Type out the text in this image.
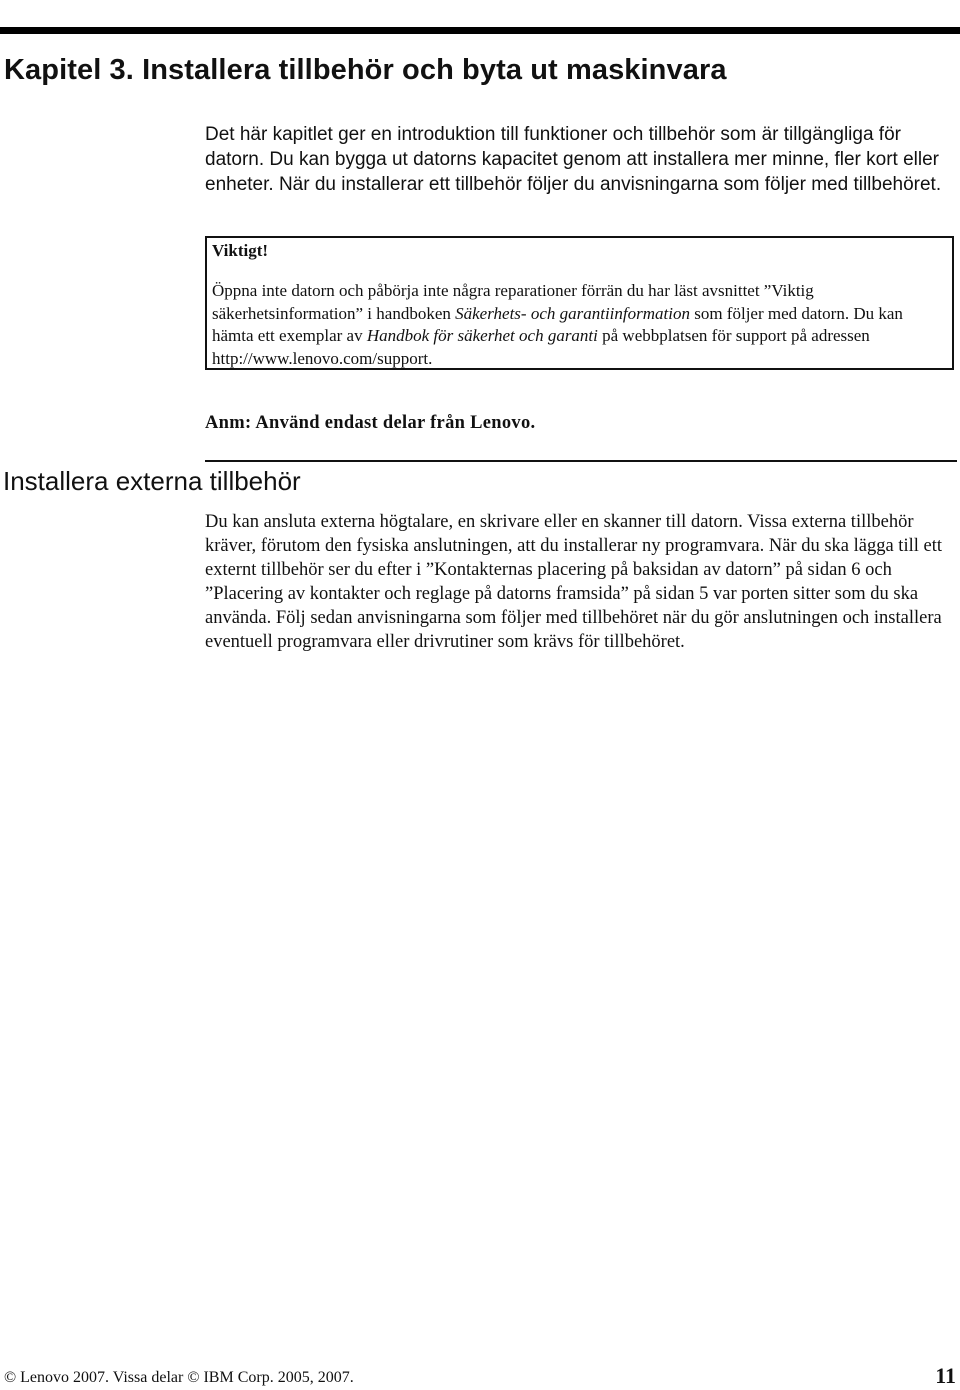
Kapitel 3. Installera tillbehör och byta ut maskinvara

Det här kapitlet ger en introduktion till funktioner och tillbehör som är tillgängliga för datorn. Du kan bygga ut datorns kapacitet genom att installera mer minne, fler kort eller enheter. När du installerar ett tillbehör följer du anvisningarna som följer med tillbehöret.

Viktigt!

Öppna inte datorn och påbörja inte några reparationer förrän du har läst avsnittet ”Viktig säkerhetsinformation” i handboken Säkerhets- och garantiinformation som följer med datorn. Du kan hämta ett exemplar av Handbok för säkerhet och garanti på webbplatsen för support på adressen http://www.lenovo.com/support.

Anm: Använd endast delar från Lenovo.

Installera externa tillbehör

Du kan ansluta externa högtalare, en skrivare eller en skanner till datorn. Vissa externa tillbehör kräver, förutom den fysiska anslutningen, att du installerar ny programvara. När du ska lägga till ett externt tillbehör ser du efter i ”Kontakternas placering på baksidan av datorn” på sidan 6 och ”Placering av kontakter och reglage på datorns framsida” på sidan 5 var porten sitter som du ska använda. Följ sedan anvisningarna som följer med tillbehöret när du gör anslutningen och installera eventuell programvara eller drivrutiner som krävs för tillbehöret.

© Lenovo 2007. Vissa delar © IBM Corp. 2005, 2007.	11
